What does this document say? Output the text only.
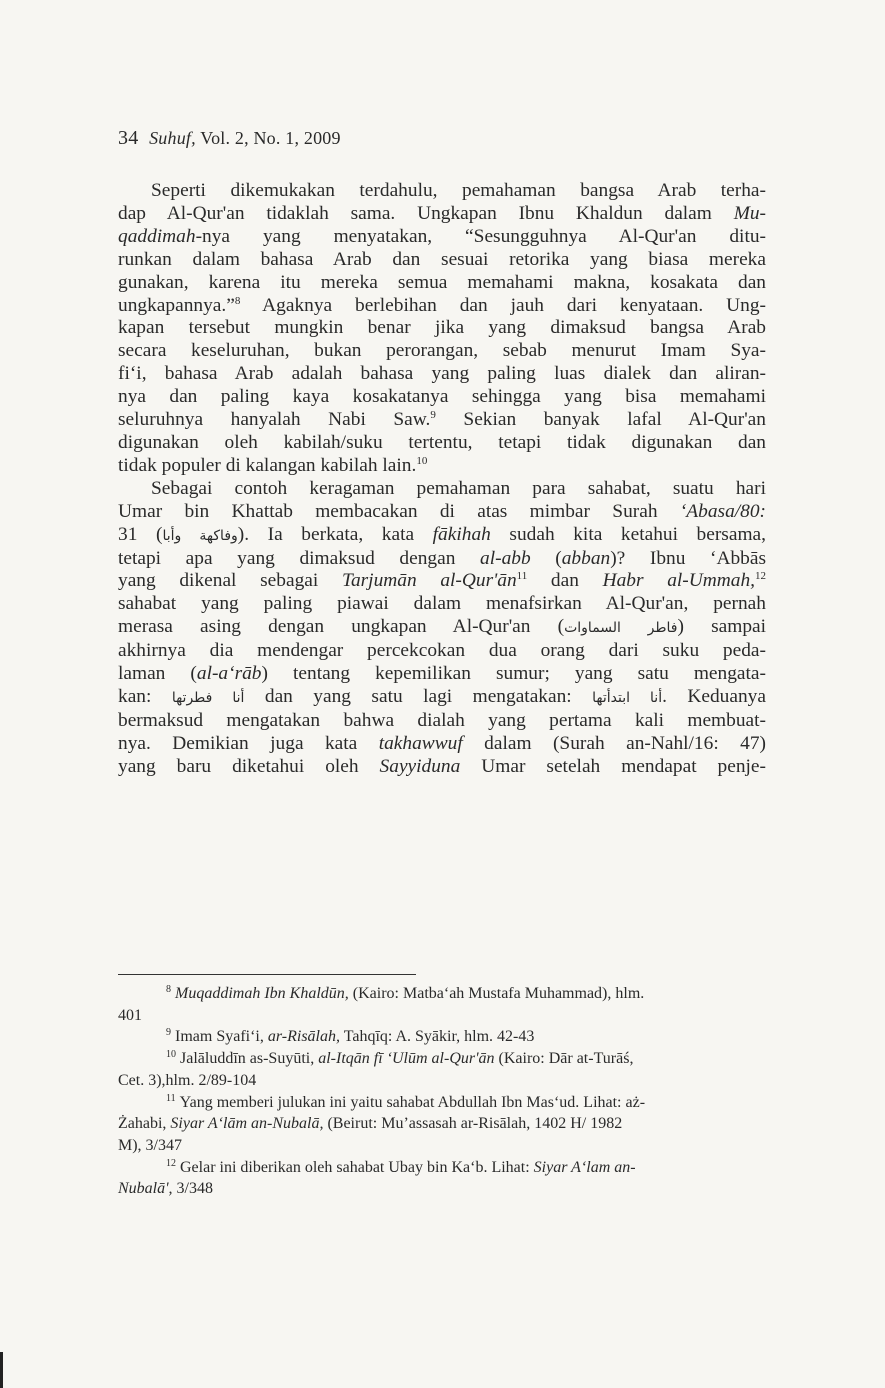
34 Suhuf, Vol. 2, No. 1, 2009
Seperti dikemukakan terdahulu, pemahaman bangsa Arab terha-
dap Al-Qur'an tidaklah sama. Ungkapan Ibnu Khaldun dalam Mu-
qaddimah-nya yang menyatakan, “Sesungguhnya Al-Qur'an ditu-
runkan dalam bahasa Arab dan sesuai retorika yang biasa mereka
gunakan, karena itu mereka semua memahami makna, kosakata dan
ungkapannya.”$^8$ Agaknya berlebihan dan jauh dari kenyataan. Ung-
kapan tersebut mungkin benar jika yang dimaksud bangsa Arab
secara keseluruhan, bukan perorangan, sebab menurut Imam Sya-
fi‘i, bahasa Arab adalah bahasa yang paling luas dialek dan aliran-
nya dan paling kaya kosakatanya sehingga yang bisa memahami
seluruhnya hanyalah Nabi Saw.$^9$ Sekian banyak lafal Al-Qur'an
digunakan oleh kabilah/suku tertentu, tetapi tidak digunakan dan
tidak populer di kalangan kabilah lain.$^{10}$
Sebagai contoh keragaman pemahaman para sahabat, suatu hari
Umar bin Khattab membacakan di atas mimbar Surah ‘Abasa/80:
31 (وفاكهة وأبا). Ia berkata, kata fākihah sudah kita ketahui bersama,
tetapi apa yang dimaksud dengan al-abb (abban)? Ibnu ‘Abbās
yang dikenal sebagai Tarjumān $al-Qur'ān^{11}$ dan Habr al-Ummah,$^{12}$
sahabat yang paling piawai dalam menafsirkan Al-Qur'an, pernah
merasa asing dengan ungkapan Al-Qur'an (فاطر السماوات) sampai
akhirnya dia mendengar percekcokan dua orang dari suku peda-
laman (al-a‘rāb) tentang kepemilikan sumur; yang satu mengata-
kan: أنا فطرتها dan yang satu lagi mengatakan: أنا ابتدأتها. Keduanya
bermaksud mengatakan bahwa dialah yang pertama kali membuat-
nya. Demikian juga kata takhawwuf dalam (Surah an-Nahl/16: 47)
yang baru diketahui oleh Sayyiduna Umar setelah mendapat penje-
$^8$ Muqaddimah Ibn Khaldūn, (Kairo: Matba‘ah Mustafa Muhammad), hlm.
401
$^9$ Imam Syafi‘i, ar-Risālah, Tahqīq: A. Syākir, hlm. 42-43
$^{10}$ Jalāluddīn as-Suyūti, al-Itqān fī ‘Ulūm al-Qur'ān (Kairo: Dār at-Turāś,
Cet. 3),hlm. 2/89-104
$^{11}$ Yang memberi julukan ini yaitu sahabat Abdullah Ibn Mas‘ud. Lihat: aż-
Żahabi, Siyar A‘lām an-Nubalā, (Beirut: Mu’assasah ar-Risālah, 1402 H/ 1982
M), 3/347
$^{12}$ Gelar ini diberikan oleh sahabat Ubay bin Ka‘b. Lihat: Siyar A‘lam an-
Nubalā', 3/348
